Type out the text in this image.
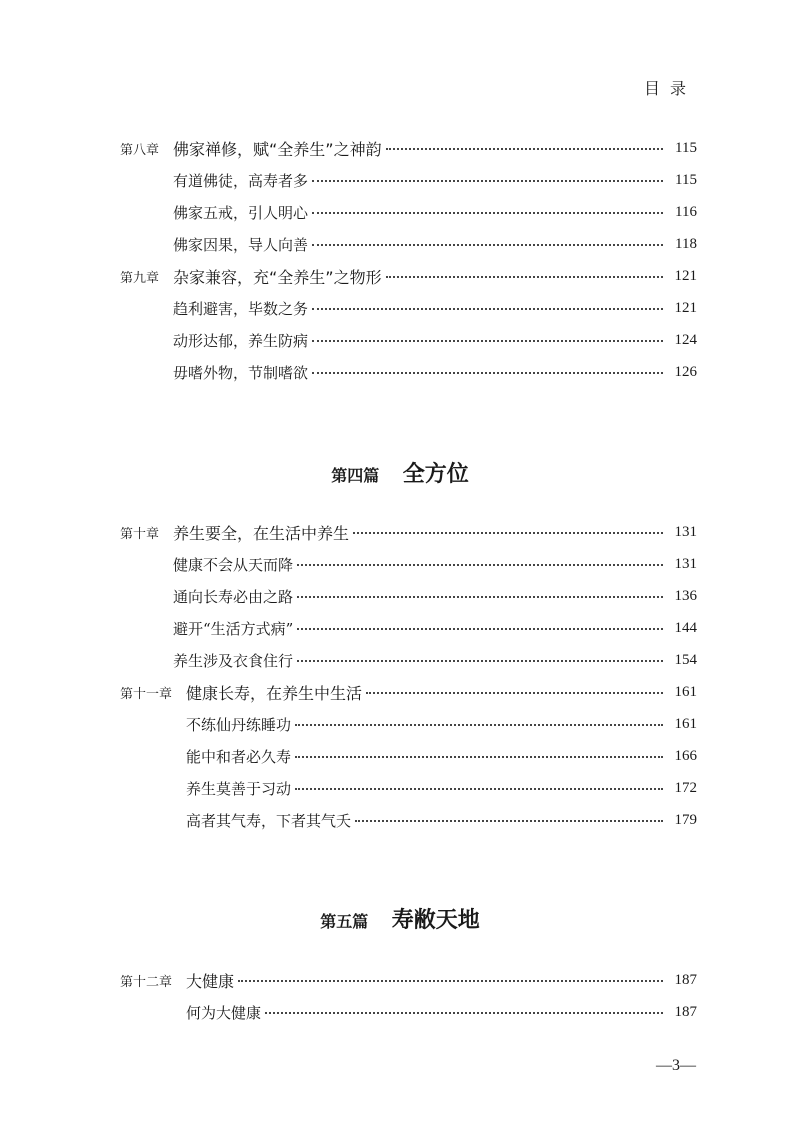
目录
第八章 佛家禅修，赋“全养生”之神韵	115
有道佛徒，高寿者多	115
佛家五戒，引人明心	116
佛家因果，导人向善	118
第九章 杂家兼容，充“全养生”之物形	121
趋利避害，毕数之务	121
动形达郁，养生防病	124
毋嗜外物，节制嗜欲	126
第四篇 全方位
第十章 养生要全，在生活中养生	131
健康不会从天而降	131
通向长寿必由之路	136
避开“生活方式病”	144
养生涉及衣食住行	154
第十一章 健康长寿，在养生中生活	161
不练仙丹练睡功	161
能中和者必久寿	166
养生莫善于习动	172
高者其气寿，下者其气夭	179
第五篇 寿敝天地
第十二章 大健康	187
何为大健康	187
—3—
